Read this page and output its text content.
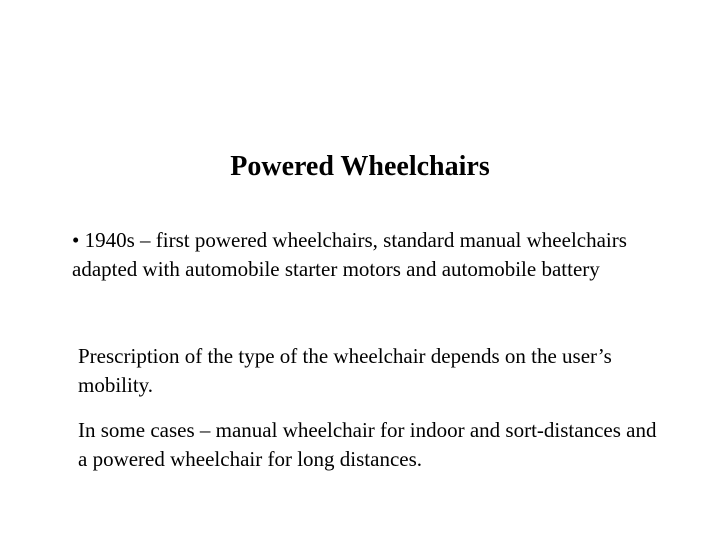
Powered Wheelchairs

• 1940s – first powered wheelchairs, standard manual wheelchairs adapted with automobile starter motors and automobile battery

Prescription of the type of the wheelchair depends on the user’s mobility.

In some cases – manual wheelchair for indoor and sort-distances and a powered wheelchair for long distances.
